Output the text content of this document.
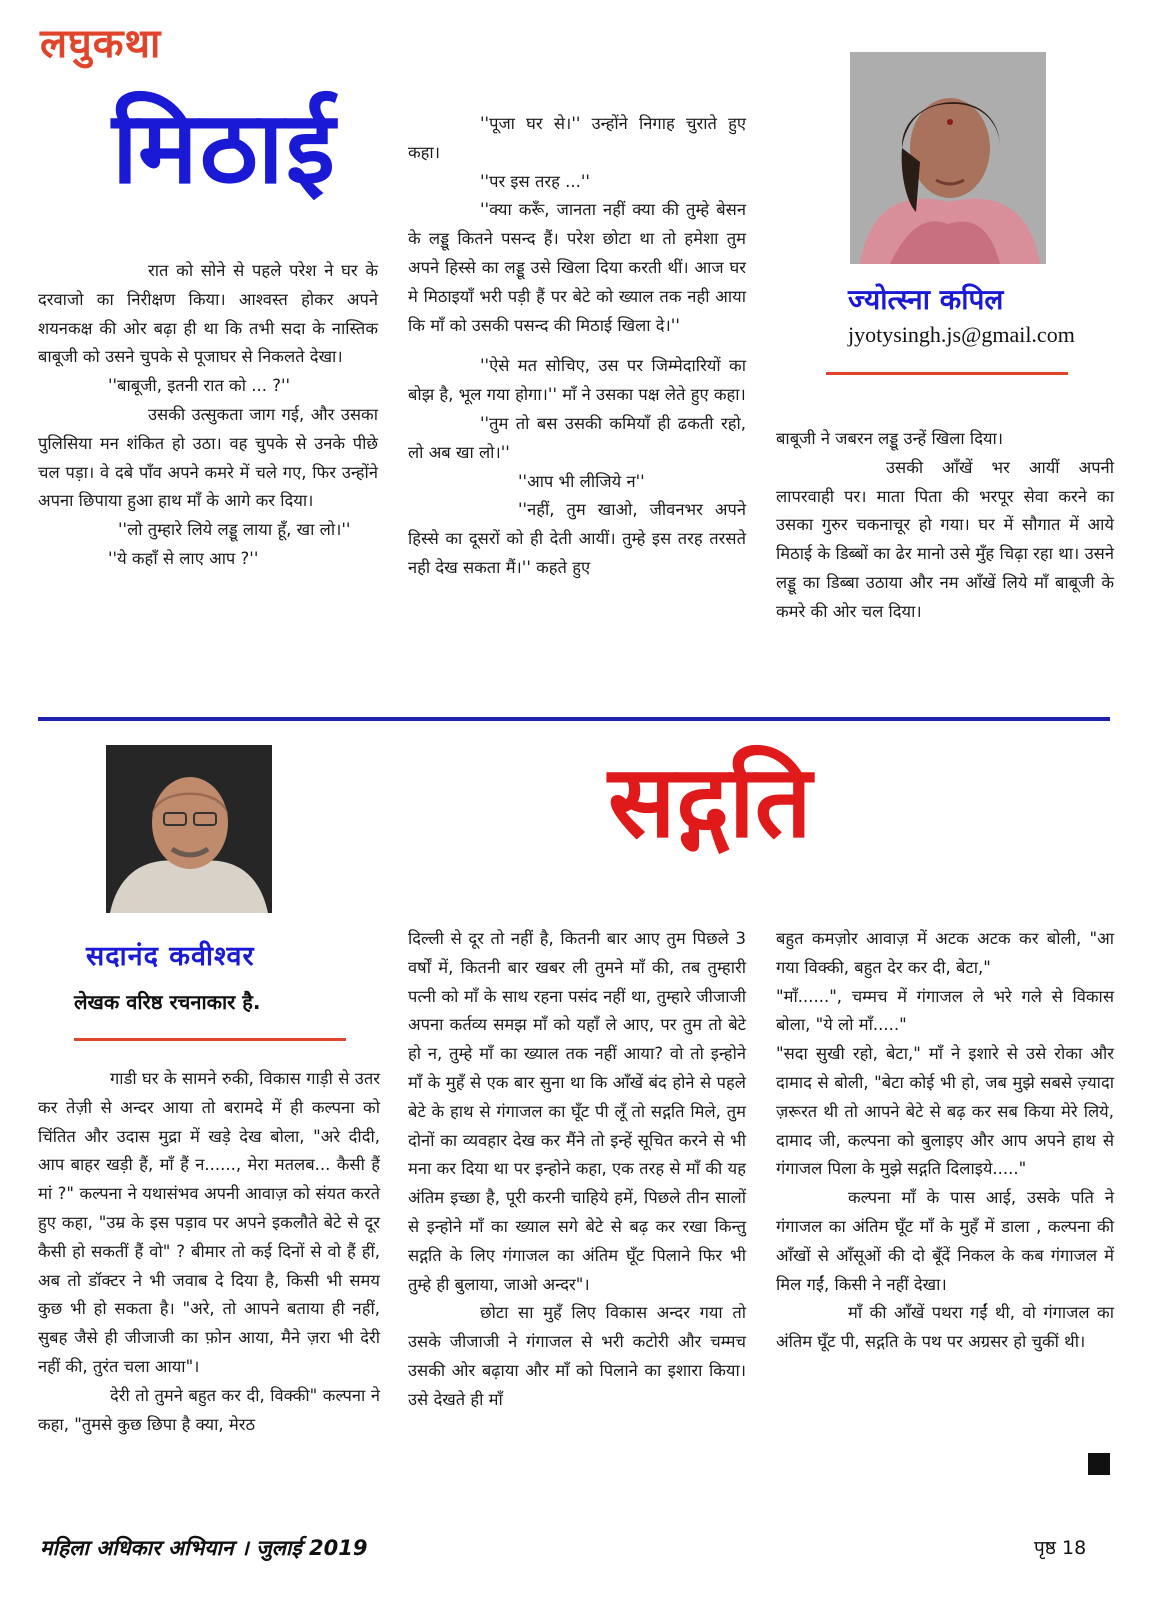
लघुकथा
मिठाई
ज्योत्स्ना कपिल
jyotysingh.js@gmail.com

रात को सोने से पहले परेश ने घर के दरवाजो का निरीक्षण किया। आश्वस्त होकर अपने शयनकक्ष की ओर बढ़ा ही था कि तभी सदा के नास्तिक बाबूजी को उसने चुपके से पूजाघर से निकलते देखा।

''बाबूजी, इतनी रात को ... ?''

उसकी उत्सुकता जाग गई, और उसका पुलिसिया मन शंकित हो उठा। वह चुपके से उनके पीछे चल पड़ा। वे दबे पाँव अपने कमरे में चले गए, फिर उन्होंने अपना छिपाया हुआ हाथ माँ के आगे कर दिया।

''लो तुम्हारे लिये लड्डू लाया हूँ, खा लो।''

''ये कहाँ से लाए आप ?''

''पूजा घर से।'' उन्होंने निगाह चुराते हुए कहा।

''पर इस तरह ...''

''क्या करूँ, जानता नहीं क्या की तुम्हे बेसन के लड्डू कितने पसन्द हैं। परेश छोटा था तो हमेशा तुम अपने हिस्से का लड्डू उसे खिला दिया करती थीं। आज घर मे मिठाइयाँ भरी पड़ी हैं पर बेटे को ख्याल तक नही आया कि माँ को उसकी पसन्द की मिठाई खिला दे।''

''ऐसे मत सोचिए, उस पर जिम्मेदारियों का बोझ है, भूल गया होगा।'' माँ ने उसका पक्ष लेते हुए कहा।

''तुम तो बस उसकी कमियाँ ही ढकती रहो, लो अब खा लो।''

''आप भी लीजिये न''

''नहीं, तुम खाओ, जीवनभर अपने हिस्से का दूसरों को ही देती आयीं। तुम्हे इस तरह तरसते नही देख सकता मैं।'' कहते हुए

बाबूजी ने जबरन लड्डू उन्हें खिला दिया।

उसकी आँखें भर आयीं अपनी लापरवाही पर। माता पिता की भरपूर सेवा करने का उसका गुरुर चकनाचूर हो गया। घर में सौगात में आये मिठाई के डिब्बों का ढेर मानो उसे मुँह चिढ़ा रहा था। उसने लड्डू का डिब्बा उठाया और नम आँखें लिये माँ बाबूजी के कमरे की ओर चल दिया।

सद्गति
सदानंद कवीश्वर
लेखक वरिष्ठ रचनाकार है.

गाडी घर के सामने रुकी, विकास गाड़ी से उतर कर तेज़ी से अन्दर आया तो बरामदे में ही कल्पना को चिंतित और उदास मुद्रा में खड़े देख बोला, "अरे दीदी, आप बाहर खड़ी हैं, माँ हैं न......, मेरा मतलब... कैसी हैं मां ?" कल्पना ने यथासंभव अपनी आवाज़ को संयत करते हुए कहा, "उम्र के इस पड़ाव पर अपने इकलौते बेटे से दूर कैसी हो सकतीं हैं वो" ? बीमार तो कई दिनों से वो हैं हीं, अब तो डॉक्टर ने भी जवाब दे दिया है, किसी भी समय कुछ भी हो सकता है। "अरे, तो आपने बताया ही नहीं, सुबह जैसे ही जीजाजी का फ़ोन आया, मैने ज़रा भी देरी नहीं की, तुरंत चला आया"।

देरी तो तुमने बहुत कर दी, विक्की" कल्पना ने कहा, "तुमसे कुछ छिपा है क्या, मेरठ

दिल्ली से दूर तो नहीं है, कितनी बार आए तुम पिछले 3 वर्षों में, कितनी बार खबर ली तुमने माँ की, तब तुम्हारी पत्नी को माँ के साथ रहना पसंद नहीं था, तुम्हारे जीजाजी अपना कर्तव्य समझ माँ को यहाँ ले आए, पर तुम तो बेटे हो न, तुम्हे माँ का ख्याल तक नहीं आया? वो तो इन्होने माँ के मुहँ से एक बार सुना था कि आँखें बंद होने से पहले बेटे के हाथ से गंगाजल का घूँट पी लूँ तो सद्गति मिले, तुम दोनों का व्यवहार देख कर मैंने तो इन्हें सूचित करने से भी मना कर दिया था पर इन्होने कहा, एक तरह से माँ की यह अंतिम इच्छा है, पूरी करनी चाहिये हमें, पिछले तीन सालों से इन्होने माँ का ख्याल सगे बेटे से बढ़ कर रखा किन्तु सद्गति के लिए गंगाजल का अंतिम घूँट पिलाने फिर भी तुम्हे ही बुलाया, जाओ अन्दर"।

छोटा सा मुहँ लिए विकास अन्दर गया तो उसके जीजाजी ने गंगाजल से भरी कटोरी और चम्मच उसकी ओर बढ़ाया और माँ को पिलाने का इशारा किया। उसे देखते ही माँ

बहुत कमज़ोर आवाज़ में अटक अटक कर बोली, "आ गया विक्की, बहुत देर कर दी, बेटा,"

"माँ......", चम्मच में गंगाजल ले भरे गले से विकास बोला, "ये लो माँ....."

"सदा सुखी रहो, बेटा," माँ ने इशारे से उसे रोका और दामाद से बोली, "बेटा कोई भी हो, जब मुझे सबसे ज़्यादा ज़रूरत थी तो आपने बेटे से बढ़ कर सब किया मेरे लिये, दामाद जी, कल्पना को बुलाइए और आप अपने हाथ से गंगाजल पिला के मुझे सद्गति दिलाइये....."

कल्पना माँ के पास आई, उसके पति ने गंगाजल का अंतिम घूँट माँ के मुहँ में डाला , कल्पना की आँखों से आँसूओं की दो बूँदें निकल के कब गंगाजल में मिल गईं, किसी ने नहीं देखा।

माँ की आँखें पथरा गईं थी, वो गंगाजल का अंतिम घूँट पी, सद्गति के पथ पर अग्रसर हो चुकीं थी।

महिला अधिकार अभियान । जुलाई 2019	पृष्ठ 18
